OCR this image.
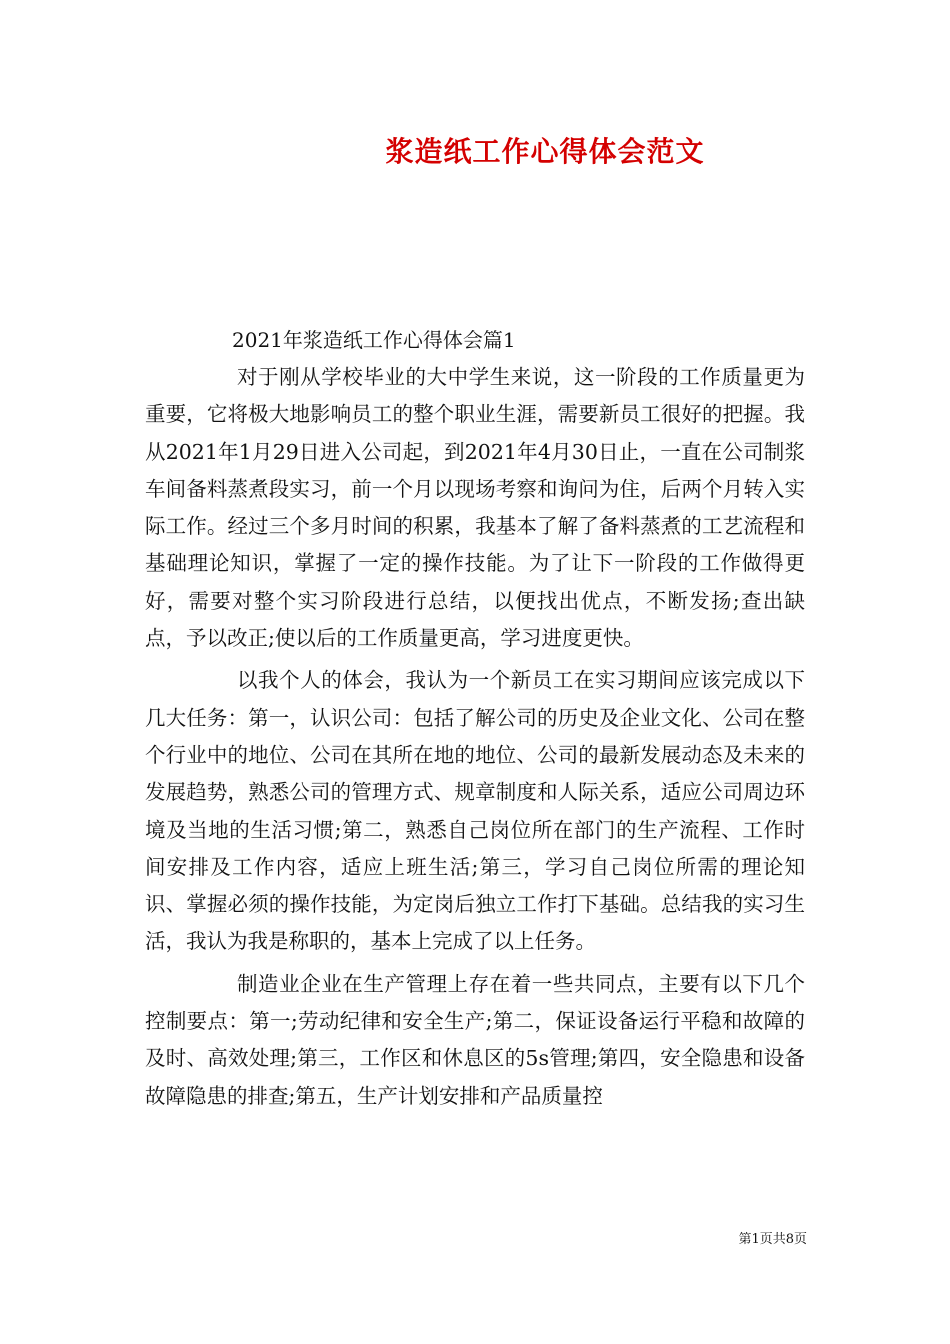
浆造纸工作心得体会范文

2021年浆造纸工作心得体会篇1

对于刚从学校毕业的大中学生来说，这一阶段的工作质量更为重要，它将极大地影响员工的整个职业生涯，需要新员工很好的把握。我从2021年1月29日进入公司起，到2021年4月30日止，一直在公司制浆车间备料蒸煮段实习，前一个月以现场考察和询问为住，后两个月转入实际工作。经过三个多月时间的积累，我基本了解了备料蒸煮的工艺流程和基础理论知识，掌握了一定的操作技能。为了让下一阶段的工作做得更好，需要对整个实习阶段进行总结，以便找出优点，不断发扬;查出缺点，予以改正;使以后的工作质量更高，学习进度更快。

以我个人的体会，我认为一个新员工在实习期间应该完成以下几大任务：第一，认识公司：包括了解公司的历史及企业文化、公司在整个行业中的地位、公司在其所在地的地位、公司的最新发展动态及未来的发展趋势，熟悉公司的管理方式、规章制度和人际关系，适应公司周边环境及当地的生活习惯;第二，熟悉自己岗位所在部门的生产流程、工作时间安排及工作内容，适应上班生活;第三，学习自己岗位所需的理论知识、掌握必须的操作技能，为定岗后独立工作打下基础。总结我的实习生活，我认为我是称职的，基本上完成了以上任务。

制造业企业在生产管理上存在着一些共同点，主要有以下几个控制要点：第一;劳动纪律和安全生产;第二，保证设备运行平稳和故障的及时、高效处理;第三，工作区和休息区的5s管理;第四，安全隐患和设备故障隐患的排查;第五，生产计划安排和产品质量控

第1页共8页
